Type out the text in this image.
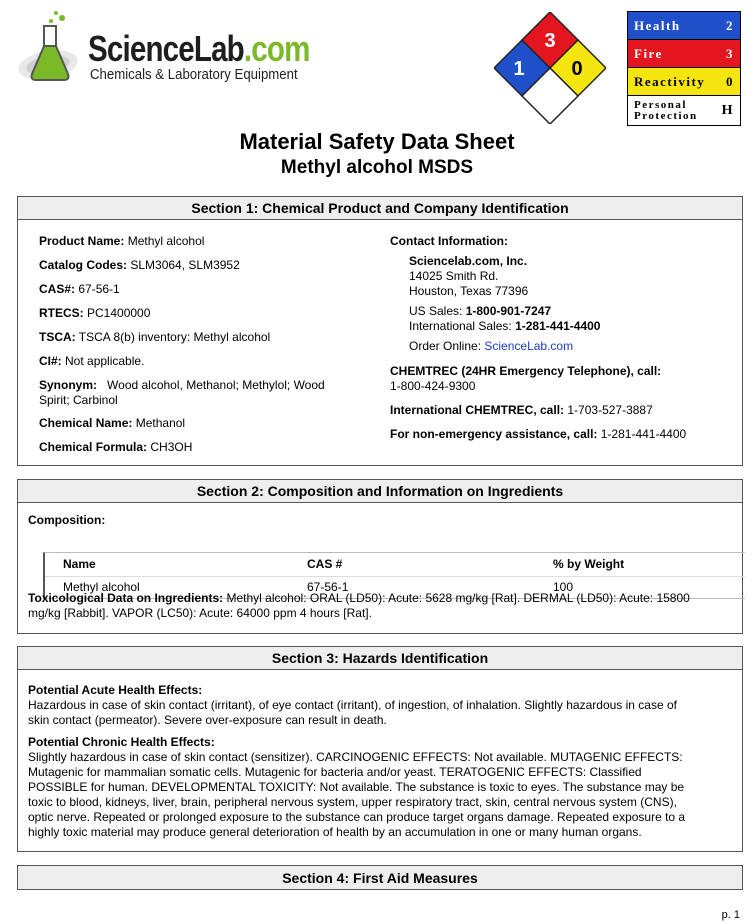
ScienceLab.com
Chemicals & Laboratory Equipment
3
1 0
Health	2
Fire	3
Reactivity 0
Personal
Protection H
Material Safety Data Sheet
Methyl alcohol MSDS
Section 1: Chemical Product and Company Identification
Product Name: Methyl alcohol
Catalog Codes: SLM3064, SLM3952
CAS#: 67-56-1
RTECS: PC1400000
TSCA: TSCA 8(b) inventory: Methyl alcohol
CI#: Not applicable.
Synonym: Wood alcohol, Methanol; Methylol; Wood
Spirit; Carbinol
Chemical Name: Methanol
Chemical Formula: CH3OH
Contact Information:
Sciencelab.com, Inc.
14025 Smith Rd.
Houston, Texas 77396
US Sales: 1-800-901-7247
International Sales: 1-281-441-4400
Order Online: ScienceLab.com
CHEMTREC (24HR Emergency Telephone), call:
1-800-424-9300
International CHEMTREC, call: 1-703-527-3887
For non-emergency assistance, call: 1-281-441-4400
Section 2: Composition and Information on Ingredients
Composition:
Name	CAS #	% by Weight
Methyl alcohol	67-56-1	100
Toxicological Data on Ingredients: Methyl alcohol: ORAL (LD50): Acute: 5628 mg/kg [Rat]. DERMAL (LD50): Acute: 15800
mg/kg [Rabbit]. VAPOR (LC50): Acute: 64000 ppm 4 hours [Rat].
Section 3: Hazards Identification
Potential Acute Health Effects:
Hazardous in case of skin contact (irritant), of eye contact (irritant), of ingestion, of inhalation. Slightly hazardous in case of
skin contact (permeator). Severe over-exposure can result in death.
Potential Chronic Health Effects:
Slightly hazardous in case of skin contact (sensitizer). CARCINOGENIC EFFECTS: Not available. MUTAGENIC EFFECTS:
Mutagenic for mammalian somatic cells. Mutagenic for bacteria and/or yeast. TERATOGENIC EFFECTS: Classified
POSSIBLE for human. DEVELOPMENTAL TOXICITY: Not available. The substance is toxic to eyes. The substance may be
toxic to blood, kidneys, liver, brain, peripheral nervous system, upper respiratory tract, skin, central nervous system (CNS),
optic nerve. Repeated or prolonged exposure to the substance can produce target organs damage. Repeated exposure to a
highly toxic material may produce general deterioration of health by an accumulation in one or many human organs.
Section 4: First Aid Measures
p. 1
